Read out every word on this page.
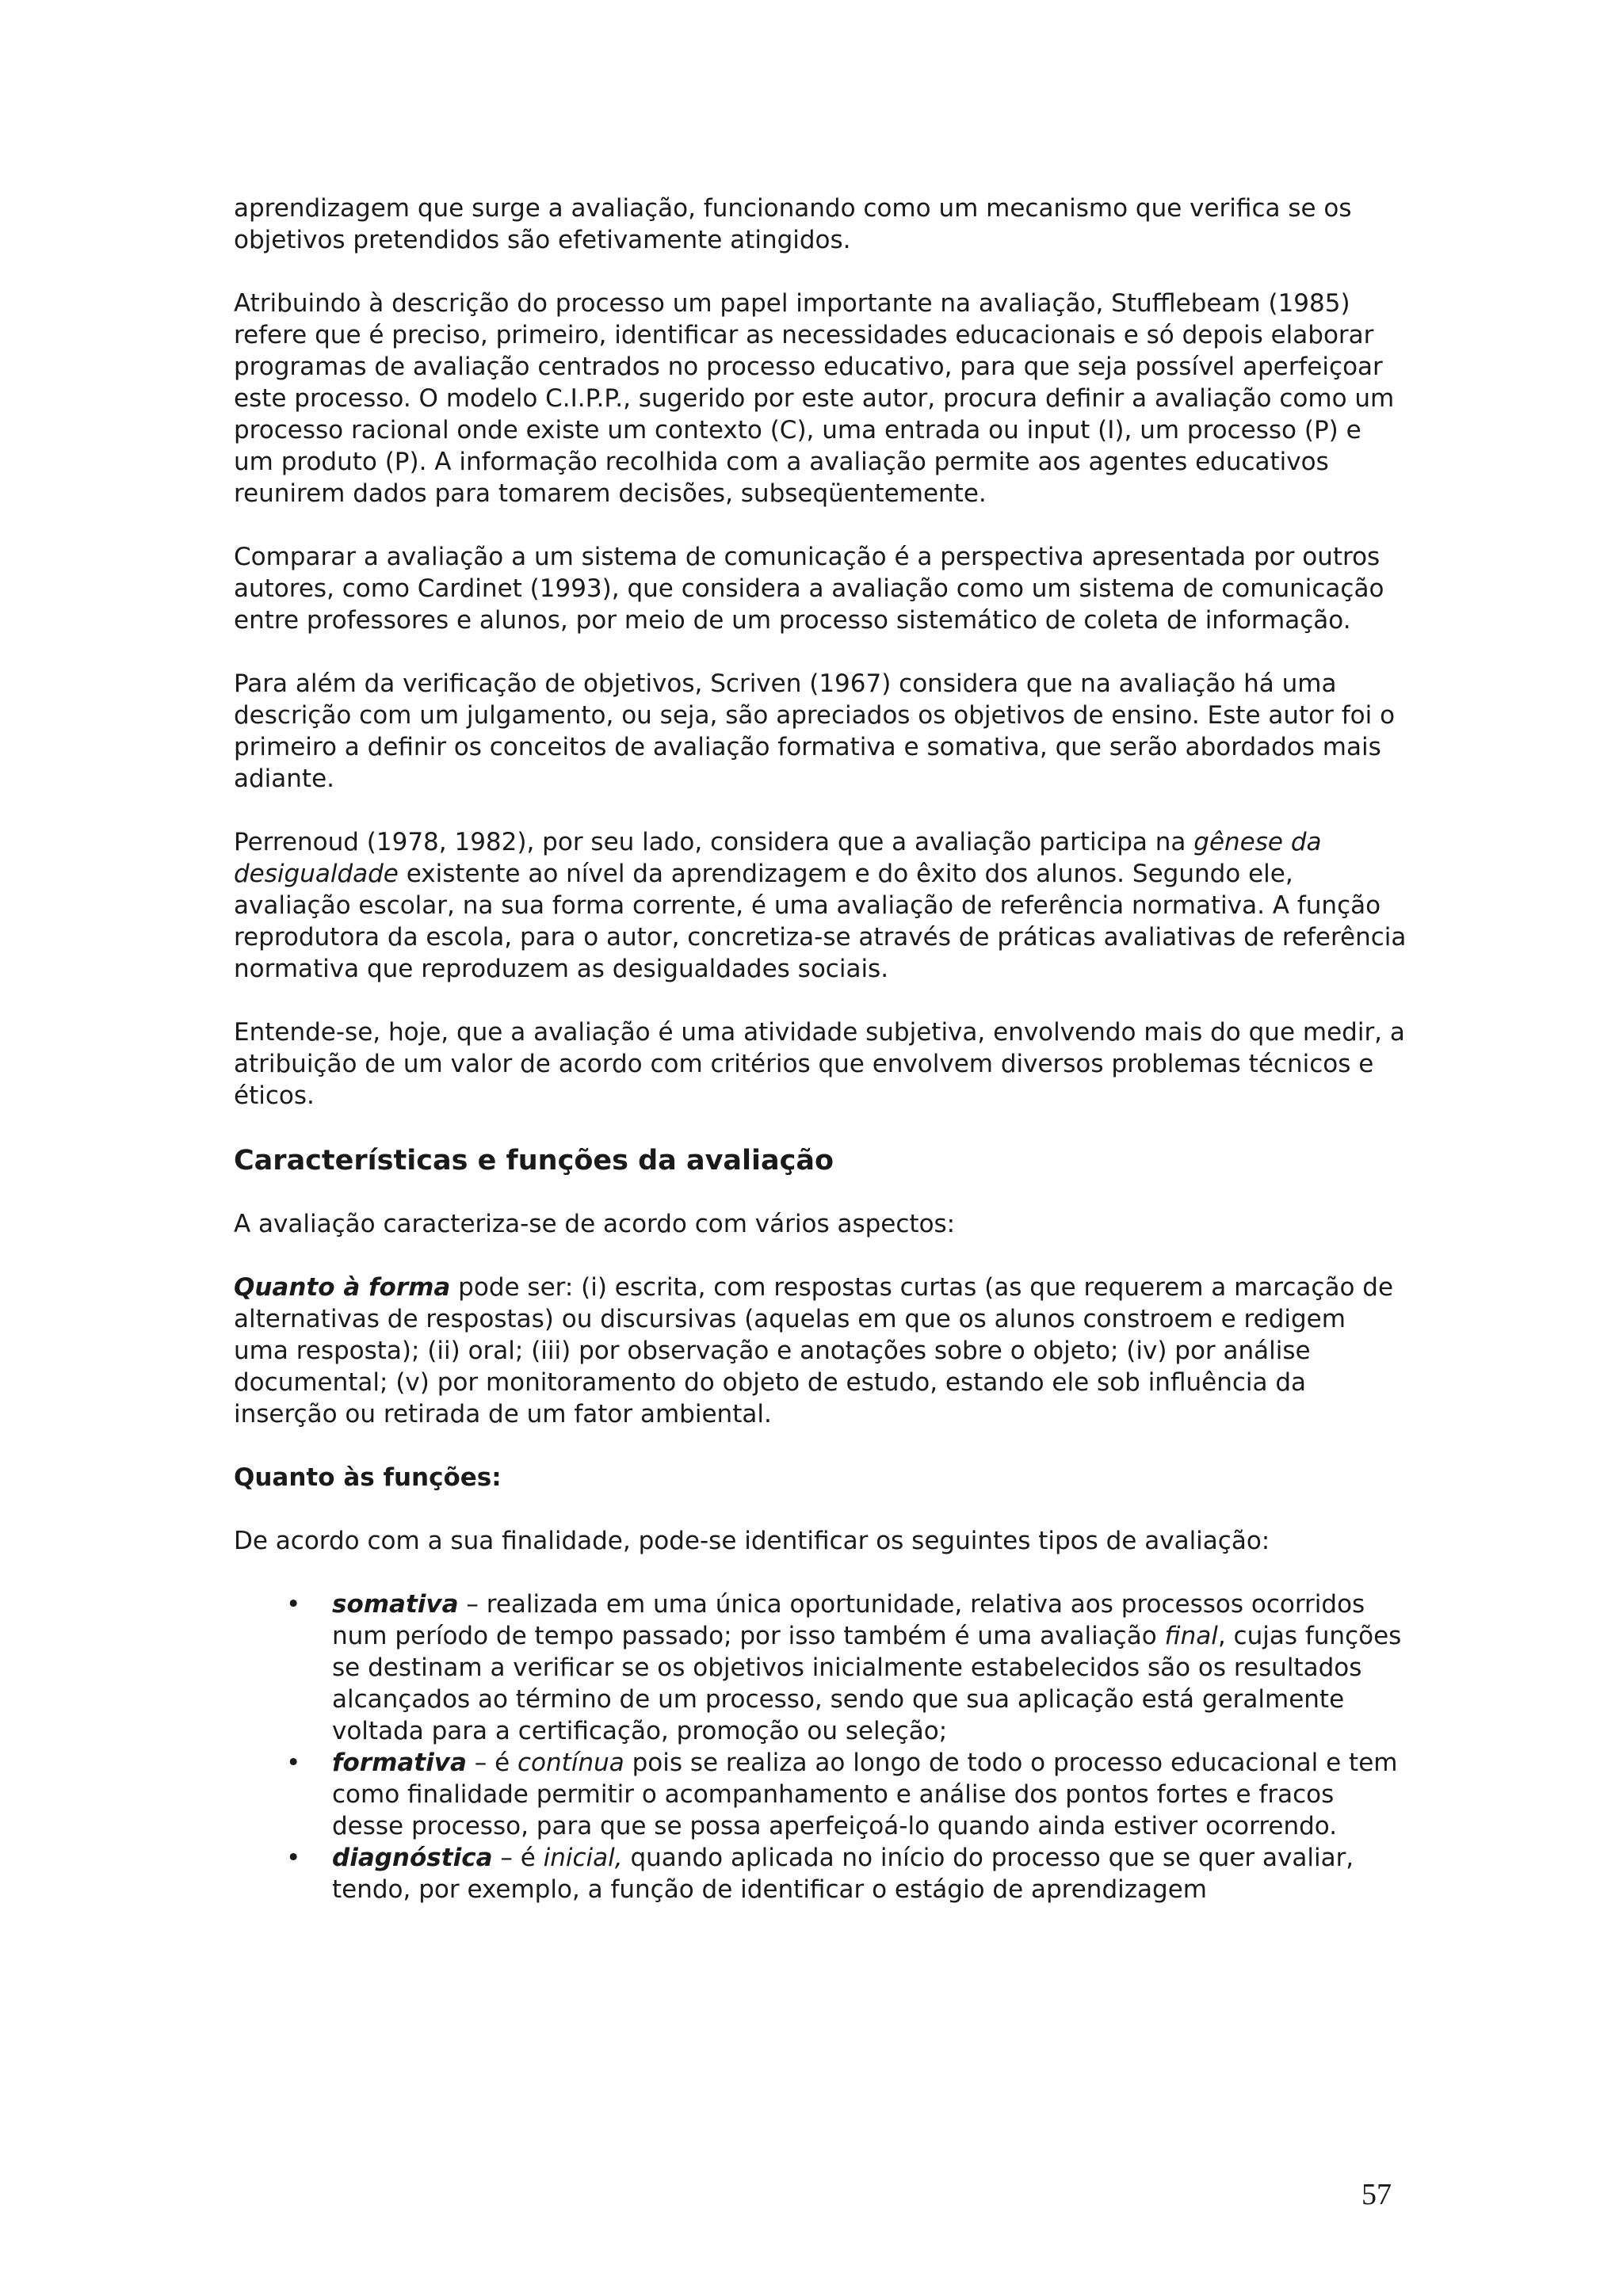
aprendizagem que surge a avaliação, funcionando como um mecanismo que verifica se os objetivos pretendidos são efetivamente atingidos.

Atribuindo à descrição do processo um papel importante na avaliação, Stufflebeam (1985) refere que é preciso, primeiro, identificar as necessidades educacionais e só depois elaborar programas de avaliação centrados no processo educativo, para que seja possível aperfeiçoar este processo. O modelo C.I.P.P., sugerido por este autor, procura definir a avaliação como um processo racional onde existe um contexto (C), uma entrada ou input (I), um processo (P) e um produto (P). A informação recolhida com a avaliação permite aos agentes educativos reunirem dados para tomarem decisões, subseqüentemente.

Comparar a avaliação a um sistema de comunicação é a perspectiva apresentada por outros autores, como Cardinet (1993), que considera a avaliação como um sistema de comunicação entre professores e alunos, por meio de um processo sistemático de coleta de informação.

Para além da verificação de objetivos, Scriven (1967) considera que na avaliação há uma descrição com um julgamento, ou seja, são apreciados os objetivos de ensino. Este autor foi o primeiro a definir os conceitos de avaliação formativa e somativa, que serão abordados mais adiante.

Perrenoud (1978, 1982), por seu lado, considera que a avaliação participa na gênese da desigualdade existente ao nível da aprendizagem e do êxito dos alunos. Segundo ele, avaliação escolar, na sua forma corrente, é uma avaliação de referência normativa. A função reprodutora da escola, para o autor, concretiza-se através de práticas avaliativas de referência normativa que reproduzem as desigualdades sociais.

Entende-se, hoje, que a avaliação é uma atividade subjetiva, envolvendo mais do que medir, a atribuição de um valor de acordo com critérios que envolvem diversos problemas técnicos e éticos.

Características e funções da avaliação

A avaliação caracteriza-se de acordo com vários aspectos:

Quanto à forma pode ser: (i) escrita, com respostas curtas (as que requerem a marcação de alternativas de respostas) ou discursivas (aquelas em que os alunos constroem e redigem uma resposta); (ii) oral; (iii) por observação e anotações sobre o objeto; (iv) por análise documental; (v) por monitoramento do objeto de estudo, estando ele sob influência da inserção ou retirada de um fator ambiental.

Quanto às funções:

De acordo com a sua finalidade, pode-se identificar os seguintes tipos de avaliação:

• somativa – realizada em uma única oportunidade, relativa aos processos ocorridos num período de tempo passado; por isso também é uma avaliação final, cujas funções se destinam a verificar se os objetivos inicialmente estabelecidos são os resultados alcançados ao término de um processo, sendo que sua aplicação está geralmente voltada para a certificação, promoção ou seleção;
• formativa – é contínua pois se realiza ao longo de todo o processo educacional e tem como finalidade permitir o acompanhamento e análise dos pontos fortes e fracos desse processo, para que se possa aperfeiçoá-lo quando ainda estiver ocorrendo.
• diagnóstica – é inicial, quando aplicada no início do processo que se quer avaliar, tendo, por exemplo, a função de identificar o estágio de aprendizagem
57
